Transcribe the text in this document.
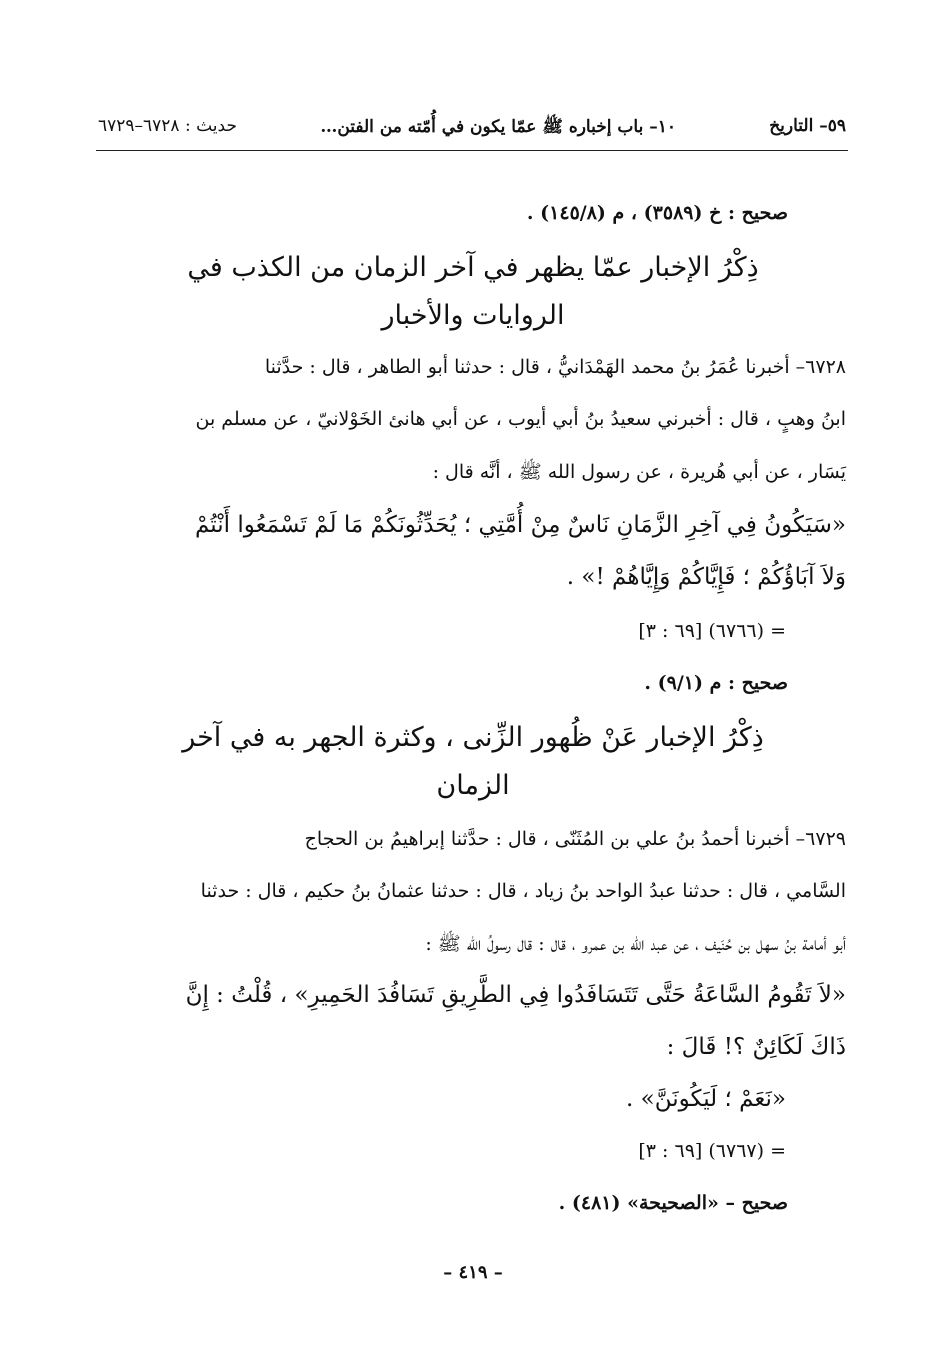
٥٩– التاريخ
١٠– باب إخباره ﷺ عمّا يكون في أُمّته من الفتن…
حديث : ٦٧٢٨–٦٧٢٩
صحيح : خ (٣٥٨٩) ، م (١٤٥/٨) .
ذِكْرُ الإخبار عمّا يظهر في آخر الزمان من الكذب في
الروايات والأخبار
٦٧٢٨– أخبرنا عُمَرُ بنُ محمد الهَمْدَانيُّ ، قال : حدثنا أبو الطاهر ، قال : حدَّثنا
ابنُ وهبٍ ، قال : أخبرني سعيدُ بنُ أبي أيوب ، عن أبي هانئ الخَوْلانيّ ، عن مسلم بن
يَسَار ، عن أبي هُريرة ، عن رسول الله ﷺ ، أنَّه قال :
«سَيَكُونُ فِي آخِرِ الزَّمَانِ نَاسٌ مِنْ أُمَّتِي ؛ يُحَدِّثُونَكُمْ مَا لَمْ تَسْمَعُوا أَنْتُمْ
وَلاَ آبَاؤُكُمْ ؛ فَإِيَّاكُمْ وَإِيَّاهُمْ !» .
= (٦٧٦٦) [٦٩ : ٣]
صحيح : م (٩/١) .
ذِكْرُ الإخبار عَنْ ظُهور الزِّنى ، وكثرة الجهر به في آخر
الزمان
٦٧٢٩– أخبرنا أحمدُ بنُ علي بن المُثَنّى ، قال : حدَّثنا إبراهيمُ بن الحجاج
السَّامي ، قال : حدثنا عبدُ الواحد بنُ زياد ، قال : حدثنا عثمانُ بنُ حكيم ، قال : حدثنا
أبو أمامة بنُ سهل بن حُنَيف ، عن عبد الله بن عمرو ، قال : قال رسولُ الله ﷺ :
«لاَ تَقُومُ السَّاعَةُ حَتَّى تَتَسَافَدُوا فِي الطَّرِيقِ تَسَافُدَ الحَمِيرِ» ، قُلْتُ : إِنَّ
ذَاكَ لَكَائِنٌ ؟! قَالَ :
«نَعَمْ ؛ لَيَكُونَنَّ» .
= (٦٧٦٧) [٦٩ : ٣]
صحيح – «الصحيحة» (٤٨١) .
– ٤١٩ –
